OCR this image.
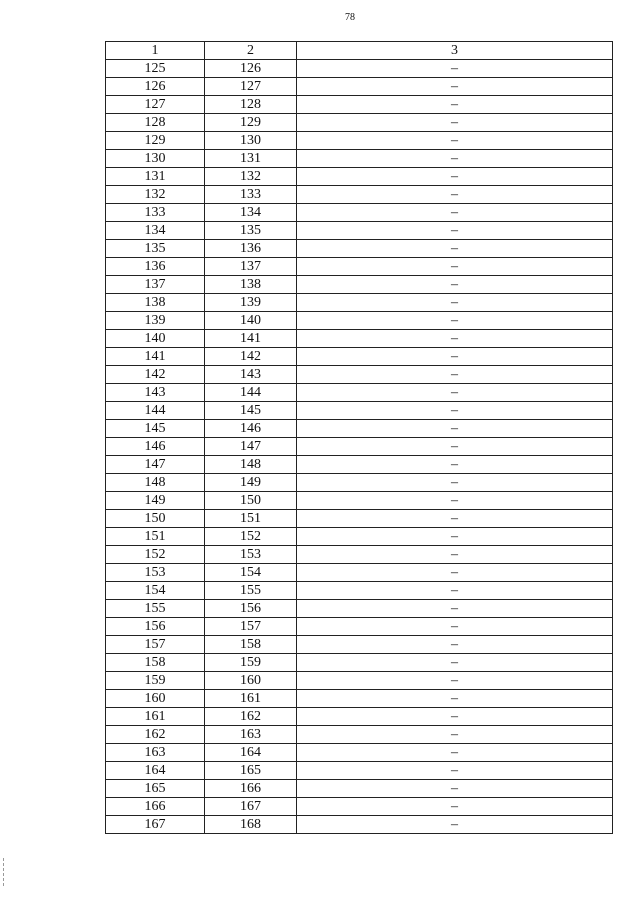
78
1	2	3
125	126	–
126	127	–
127	128	–
128	129	–
129	130	–
130	131	–
131	132	–
132	133	–
133	134	–
134	135	–
135	136	–
136	137	–
137	138	–
138	139	–
139	140	–
140	141	–
141	142	–
142	143	–
143	144	–
144	145	–
145	146	–
146	147	–
147	148	–
148	149	–
149	150	–
150	151	–
151	152	–
152	153	–
153	154	–
154	155	–
155	156	–
156	157	–
157	158	–
158	159	–
159	160	–
160	161	–
161	162	–
162	163	–
163	164	–
164	165	–
165	166	–
166	167	–
167	168	–
